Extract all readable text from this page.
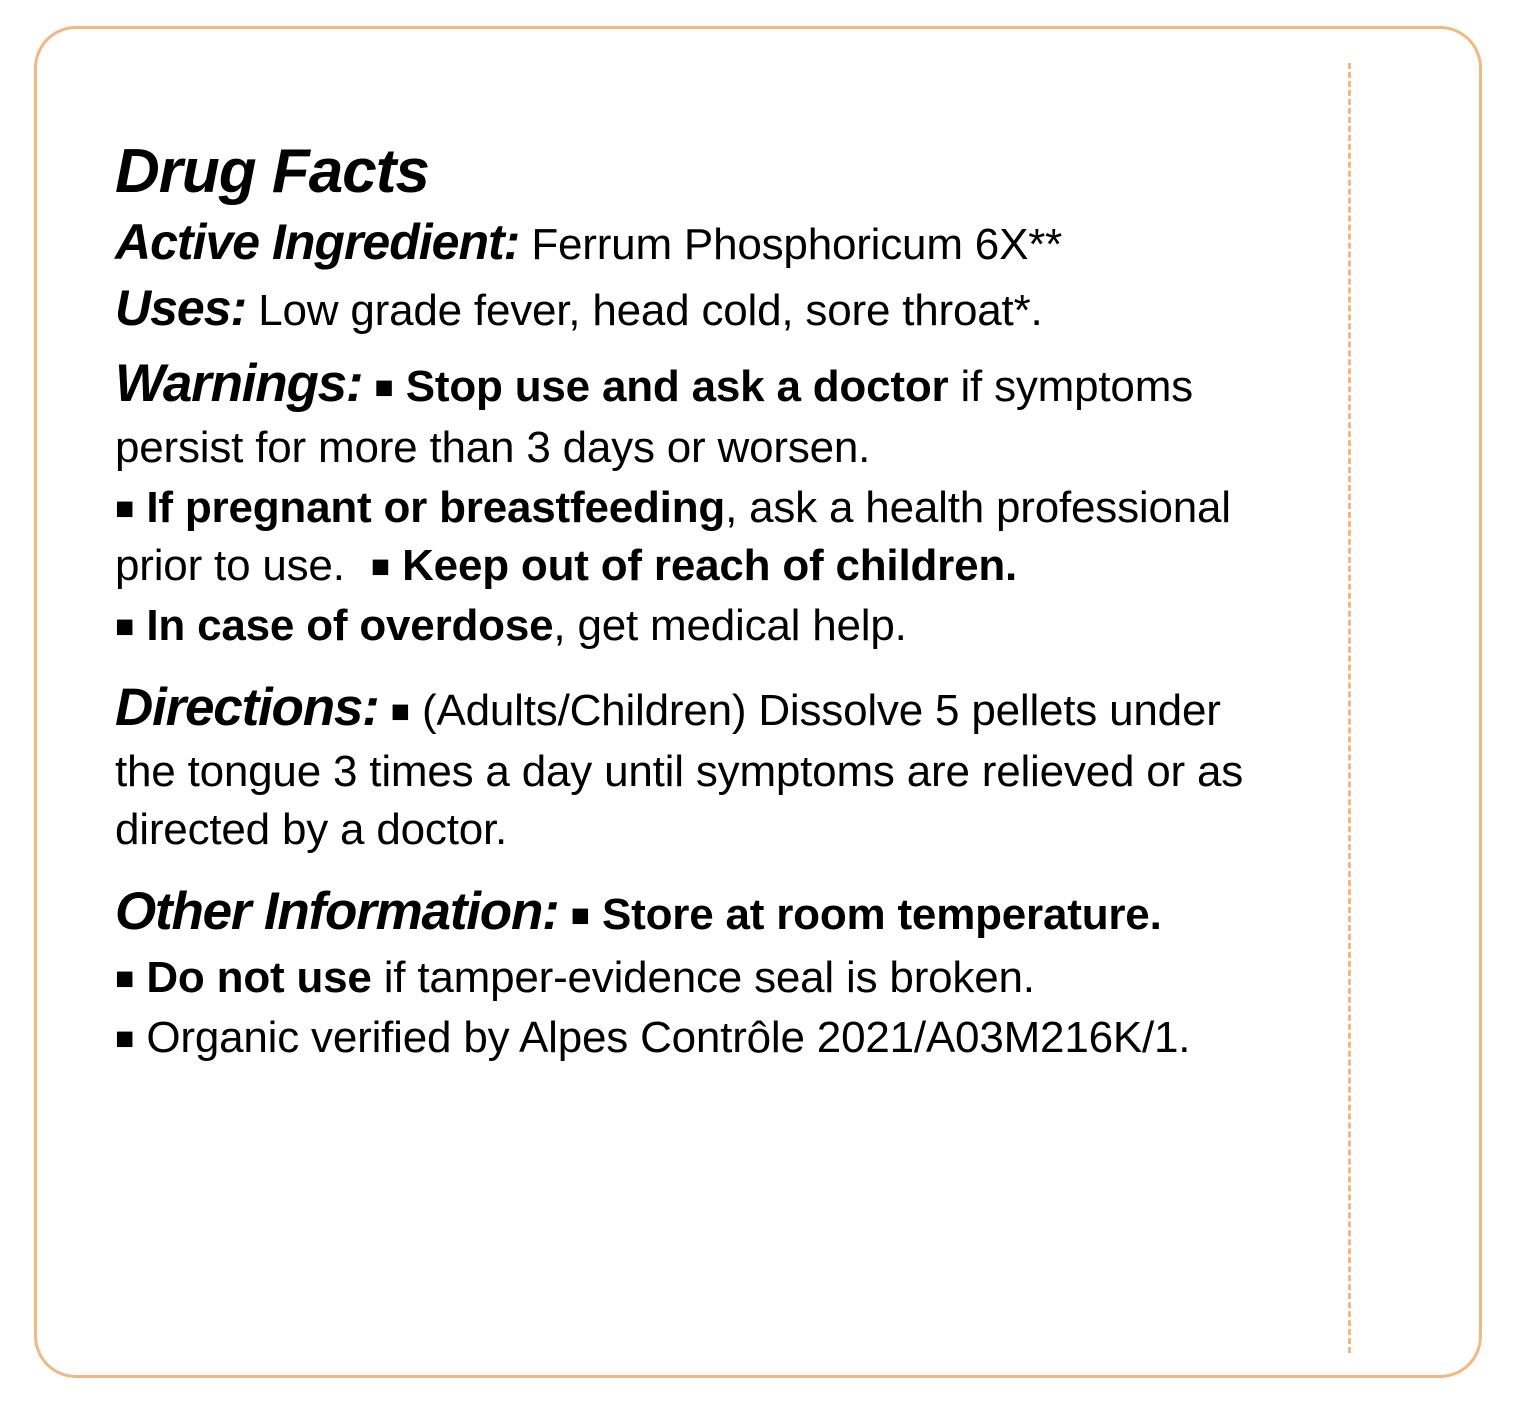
Drug Facts

Active Ingredient: Ferrum Phosphoricum 6X**

Uses: Low grade fever, head cold, sore throat*.

Warnings: ■ Stop use and ask a doctor if symptoms persist for more than 3 days or worsen.

■ If pregnant or breastfeeding, ask a health professional prior to use. ■ Keep out of reach of children.

■ In case of overdose, get medical help.

Directions: ■ (Adults/Children) Dissolve 5 pellets under the tongue 3 times a day until symptoms are relieved or as directed by a doctor.

Other Information: ■ Store at room temperature.

■ Do not use if tamper-evidence seal is broken.

■ Organic verified by Alpes Contrôle 2021/A03M216K/1.
